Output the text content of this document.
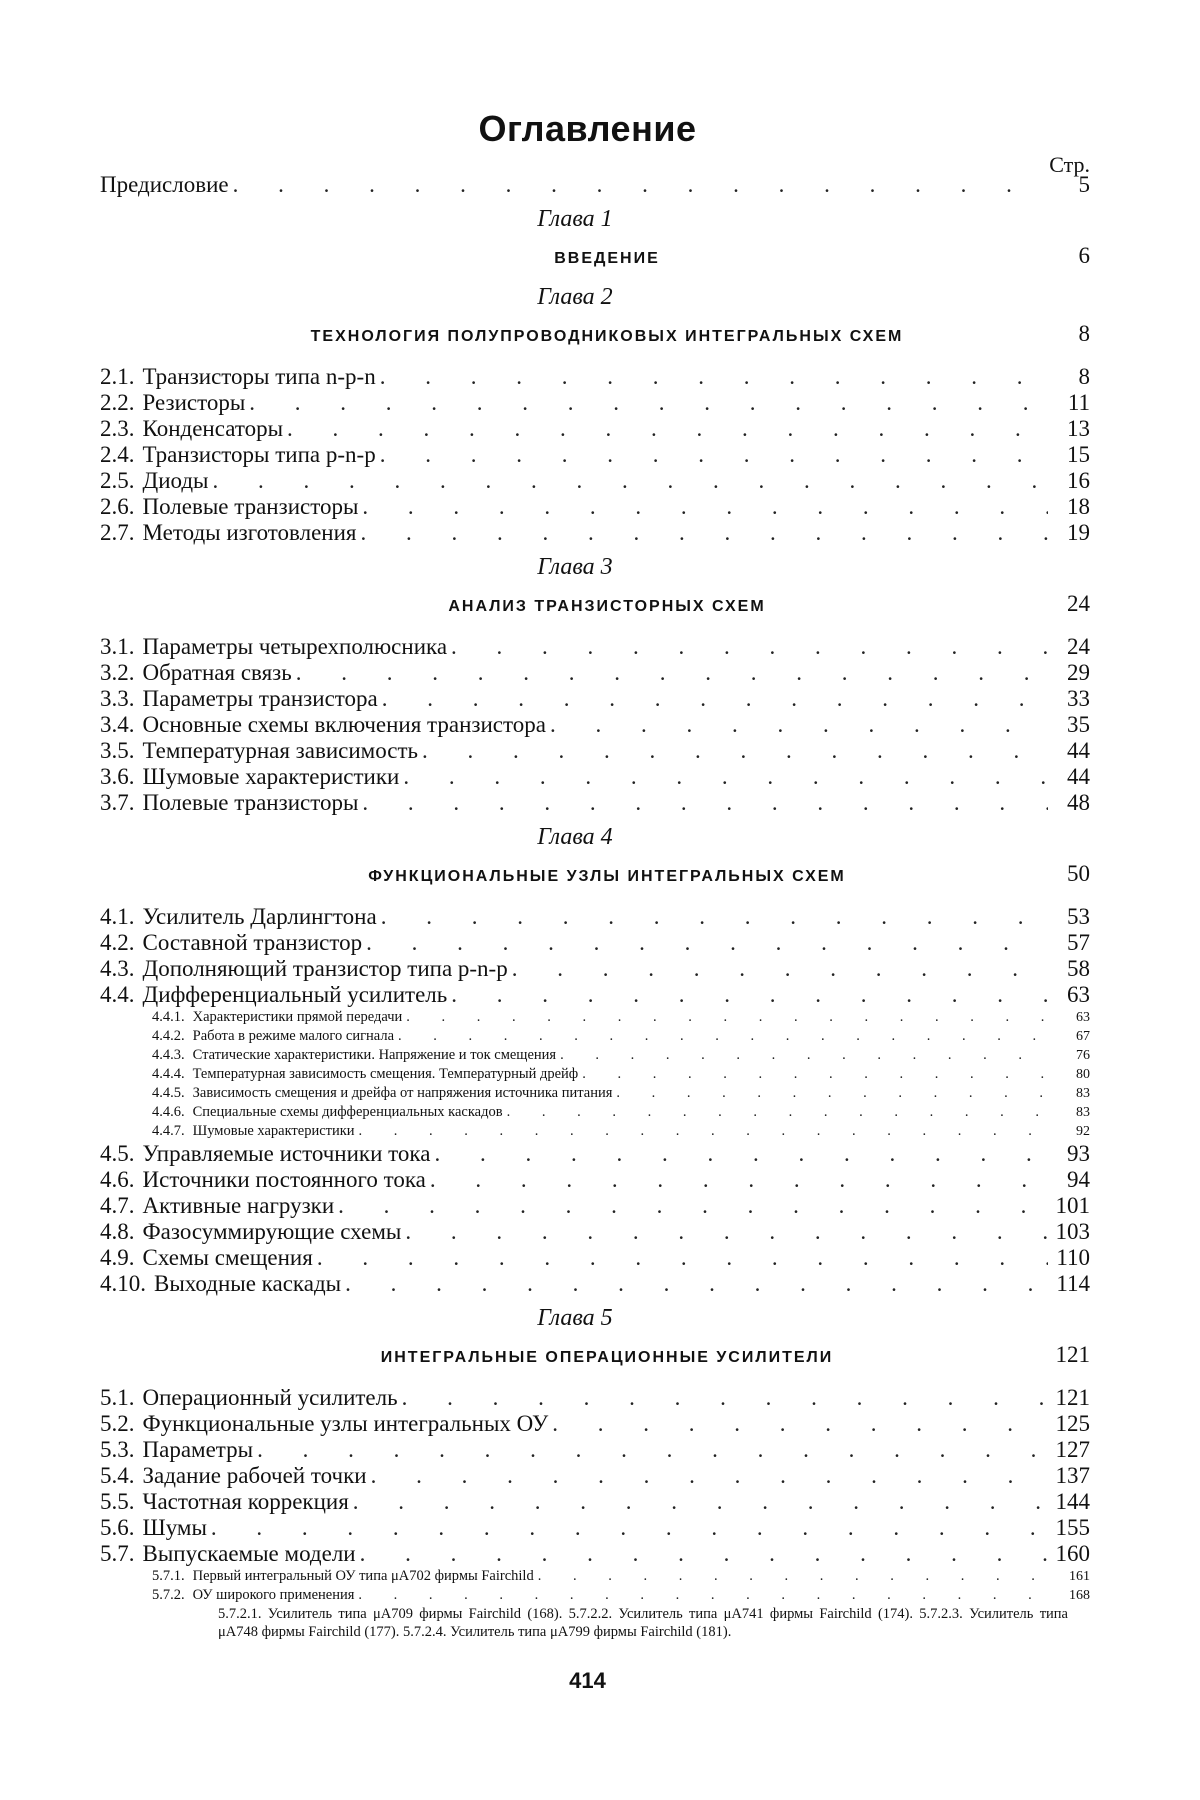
Оглавление
Стр.
Предисловие
. . .	5
Глава 1
ВВЕДЕНИЕ	6
Глава 2
ТЕХНОЛОГИЯ ПОЛУПРОВОДНИКОВЫХ ИНТЕГРАЛЬНЫХ СХЕМ	8
2.1. Транзисторы типа n-p-n
. . .	8
2.2. Резисторы
. . .	11
2.3. Конденсаторы
. . .	13
2.4. Транзисторы типа p-n-p
. . .	15
2.5. Диоды
. . .	16
2.6. Полевые транзисторы
. . .	18
2.7. Методы изготовления
. . .	19
Глава 3
АНАЛИЗ ТРАНЗИСТОРНЫХ СХЕМ	24
3.1. Параметры четырехполюсника
. . .	24
3.2. Обратная связь
. . .	29
3.3. Параметры транзистора
. . .	33
3.4. Основные схемы включения транзистора
. . .	35
3.5. Температурная зависимость
. . .	44
3.6. Шумовые характеристики
. . .	44
3.7. Полевые транзисторы
. . .	48
Глава 4
ФУНКЦИОНАЛЬНЫЕ УЗЛЫ ИНТЕГРАЛЬНЫХ СХЕМ	50
4.1. Усилитель Дарлингтона
. . .	53
4.2. Составной транзистор
. . .	57
4.3. Дополняющий транзистор типа p-n-p
. . .	58
4.4. Дифференциальный усилитель
. . .	63
4.4.1. Характеристики прямой передачи
. . .	63
4.4.2. Работа в режиме малого сигнала
. . .	67
4.4.3. Статические характеристики. Напряжение и ток смещения
. . .	76
4.4.4. Температурная зависимость смещения. Температурный дрейф
. . .	80
4.4.5. Зависимость смещения и дрейфа от напряжения источника питания
. . .	83
4.4.6. Специальные схемы дифференциальных каскадов
. . .	83
4.4.7. Шумовые характеристики
. . .	92
4.5. Управляемые источники тока
. . .	93
4.6. Источники постоянного тока
. . .	94
4.7. Активные нагрузки
. . .	101
4.8. Фазосуммирующие схемы
. . .	103
4.9. Схемы смещения
. . .	110
4.10. Выходные каскады
. . .	114
Глава 5
ИНТЕГРАЛЬНЫЕ ОПЕРАЦИОННЫЕ УСИЛИТЕЛИ	121
5.1. Операционный усилитель
. . .	121
5.2. Функциональные узлы интегральных ОУ
. . .	125
5.3. Параметры
. . .	127
5.4. Задание рабочей точки
. . .	137
5.5. Частотная коррекция
. . .	144
5.6. Шумы
. . .	155
5.7. Выпускаемые модели
. . .	160
5.7.1. Первый интегральный ОУ типа μA702 фирмы Fairchild
. . .	161
5.7.2. ОУ широкого применения
. . .	168
5.7.2.1. Усилитель типа μA709 фирмы Fairchild (168). 5.7.2.2. Усилитель типа μA741 фирмы Fairchild (174). 5.7.2.3. Усилитель типа μA748 фирмы Fairchild (177). 5.7.2.4. Усилитель типа μA799 фирмы Fairchild (181).
414
